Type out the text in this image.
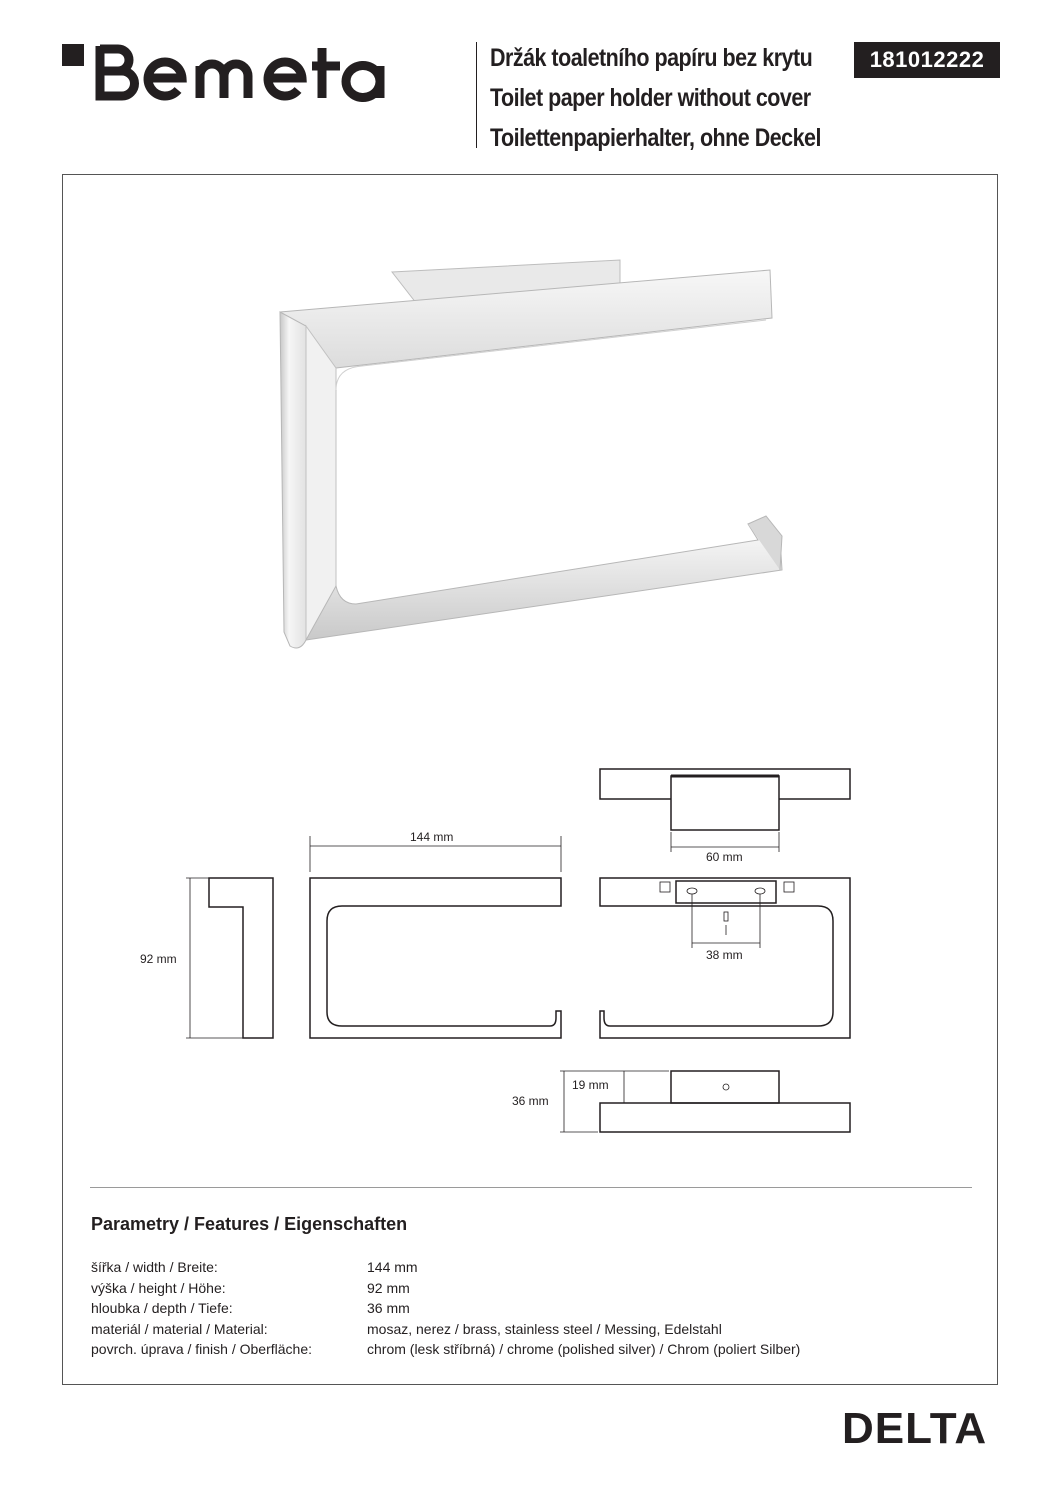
Držák toaletního papíru bez krytu
Toilet paper holder without cover
Toilettenpapierhalter, ohne Deckel
181012222
60 mm
92 mm
144 mm
38 mm
19 mm
36 mm
Parametry / Features / Eigenschaften
šířka / width / Breite:	144 mm
výška / height / Höhe:	92 mm
hloubka / depth / Tiefe:	36 mm
materiál / material / Material:	mosaz, nerez / brass, stainless steel / Messing, Edelstahl
povrch. úprava / finish / Oberfläche:	chrom (lesk stříbrná) / chrome (polished silver) / Chrom (poliert Silber)
DELTA
